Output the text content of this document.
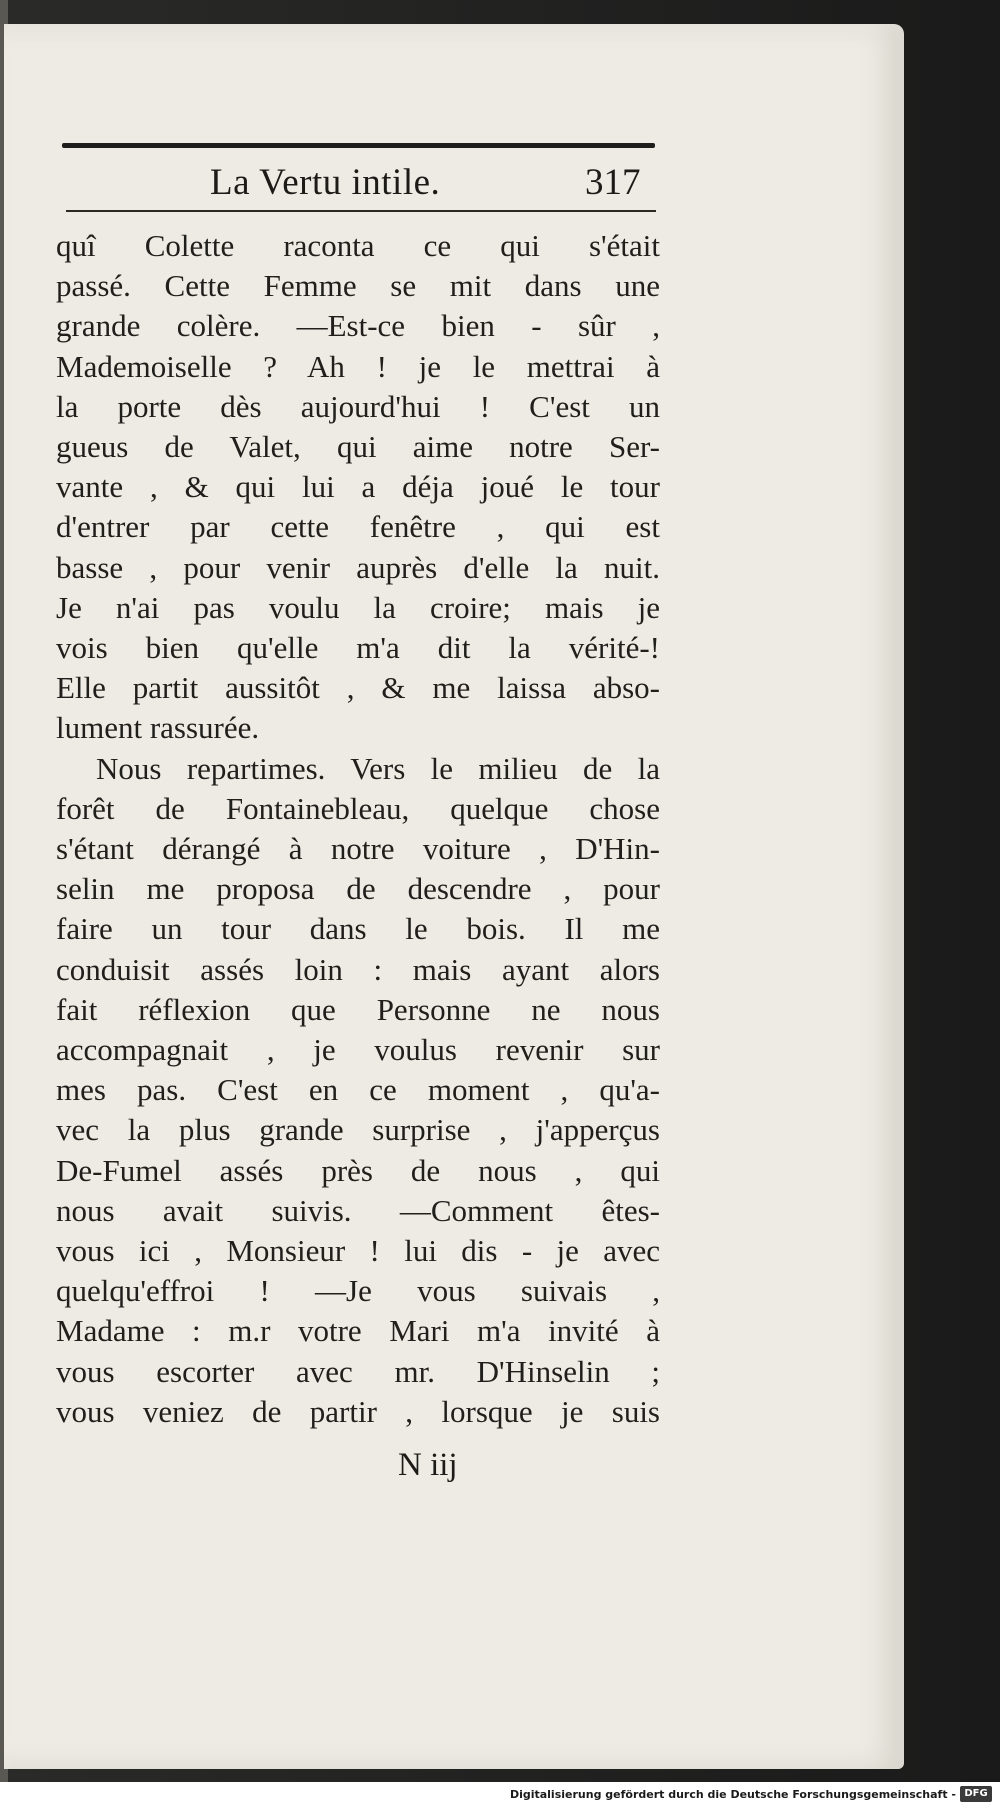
La Vertu intile.	317
quî Colette raconta ce qui s'était
passé. Cette Femme se mit dans une
grande colère. —Est-ce bien - sûr ,
Mademoiselle ? Ah ! je le mettrai à
la porte dès aujourd'hui ! C'est un
gueus de Valet, qui aime notre Ser-
vante , & qui lui a déja joué le tour
d'entrer par cette fenêtre , qui est
basse , pour venir auprès d'elle la nuit.
Je n'ai pas voulu la croire; mais je
vois bien qu'elle m'a dit la vérité-!
Elle partit aussitôt , & me laissa abso-
lument rassurée.
Nous repartimes. Vers le milieu de la
forêt de Fontainebleau, quelque chose
s'étant dérangé à notre voiture , D'Hin-
selin me proposa de descendre , pour
faire un tour dans le bois. Il me
conduisit assés loin : mais ayant alors
fait réflexion que Personne ne nous
accompagnait , je voulus revenir sur
mes pas. C'est en ce moment , qu'a-
vec la plus grande surprise , j'apperçus
De-Fumel assés près de nous , qui
nous avait suivis. —Comment êtes-
vous ici , Monsieur ! lui dis - je avec
quelqu'effroi ! —Je vous suivais ,
Madame : m.r votre Mari m'a invité à
vous escorter avec mr. D'Hinselin ;
vous veniez de partir , lorsque je suis
N iij
Digitalisierung gefördert durch die Deutsche Forschungsgemeinschaft - DFG
